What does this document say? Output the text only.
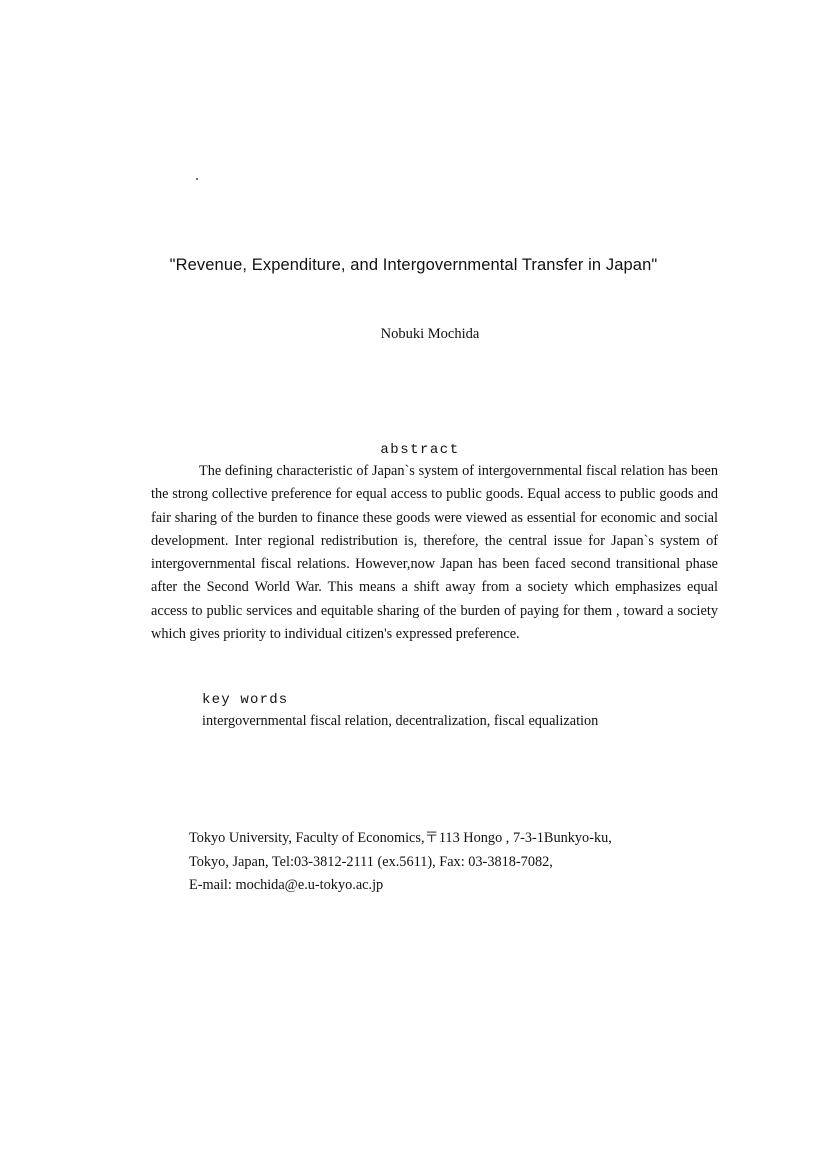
"Revenue, Expenditure, and Intergovernmental Transfer in Japan"
Nobuki Mochida
abstract

The defining characteristic of Japan`s system of intergovernmental fiscal relation has been the strong collective preference for equal access to public goods. Equal access to public goods and fair sharing of the burden to finance these goods were viewed as essential for economic and social development. Inter regional redistribution is, therefore, the central issue for Japan`s system of intergovernmental fiscal relations. However,now Japan has been faced second transitional phase after the Second World War. This means a shift away from a society which emphasizes equal access to public services and equitable sharing of the burden of paying for them , toward a society which gives priority to individual citizen's expressed preference.

key words
intergovernmental fiscal relation, decentralization, fiscal equalization
Tokyo University, Faculty of Economics,〒113 Hongo , 7-3-1Bunkyo-ku,
Tokyo, Japan, Tel:03-3812-2111 (ex.5611), Fax: 03-3818-7082,
E-mail: mochida@e.u-tokyo.ac.jp
